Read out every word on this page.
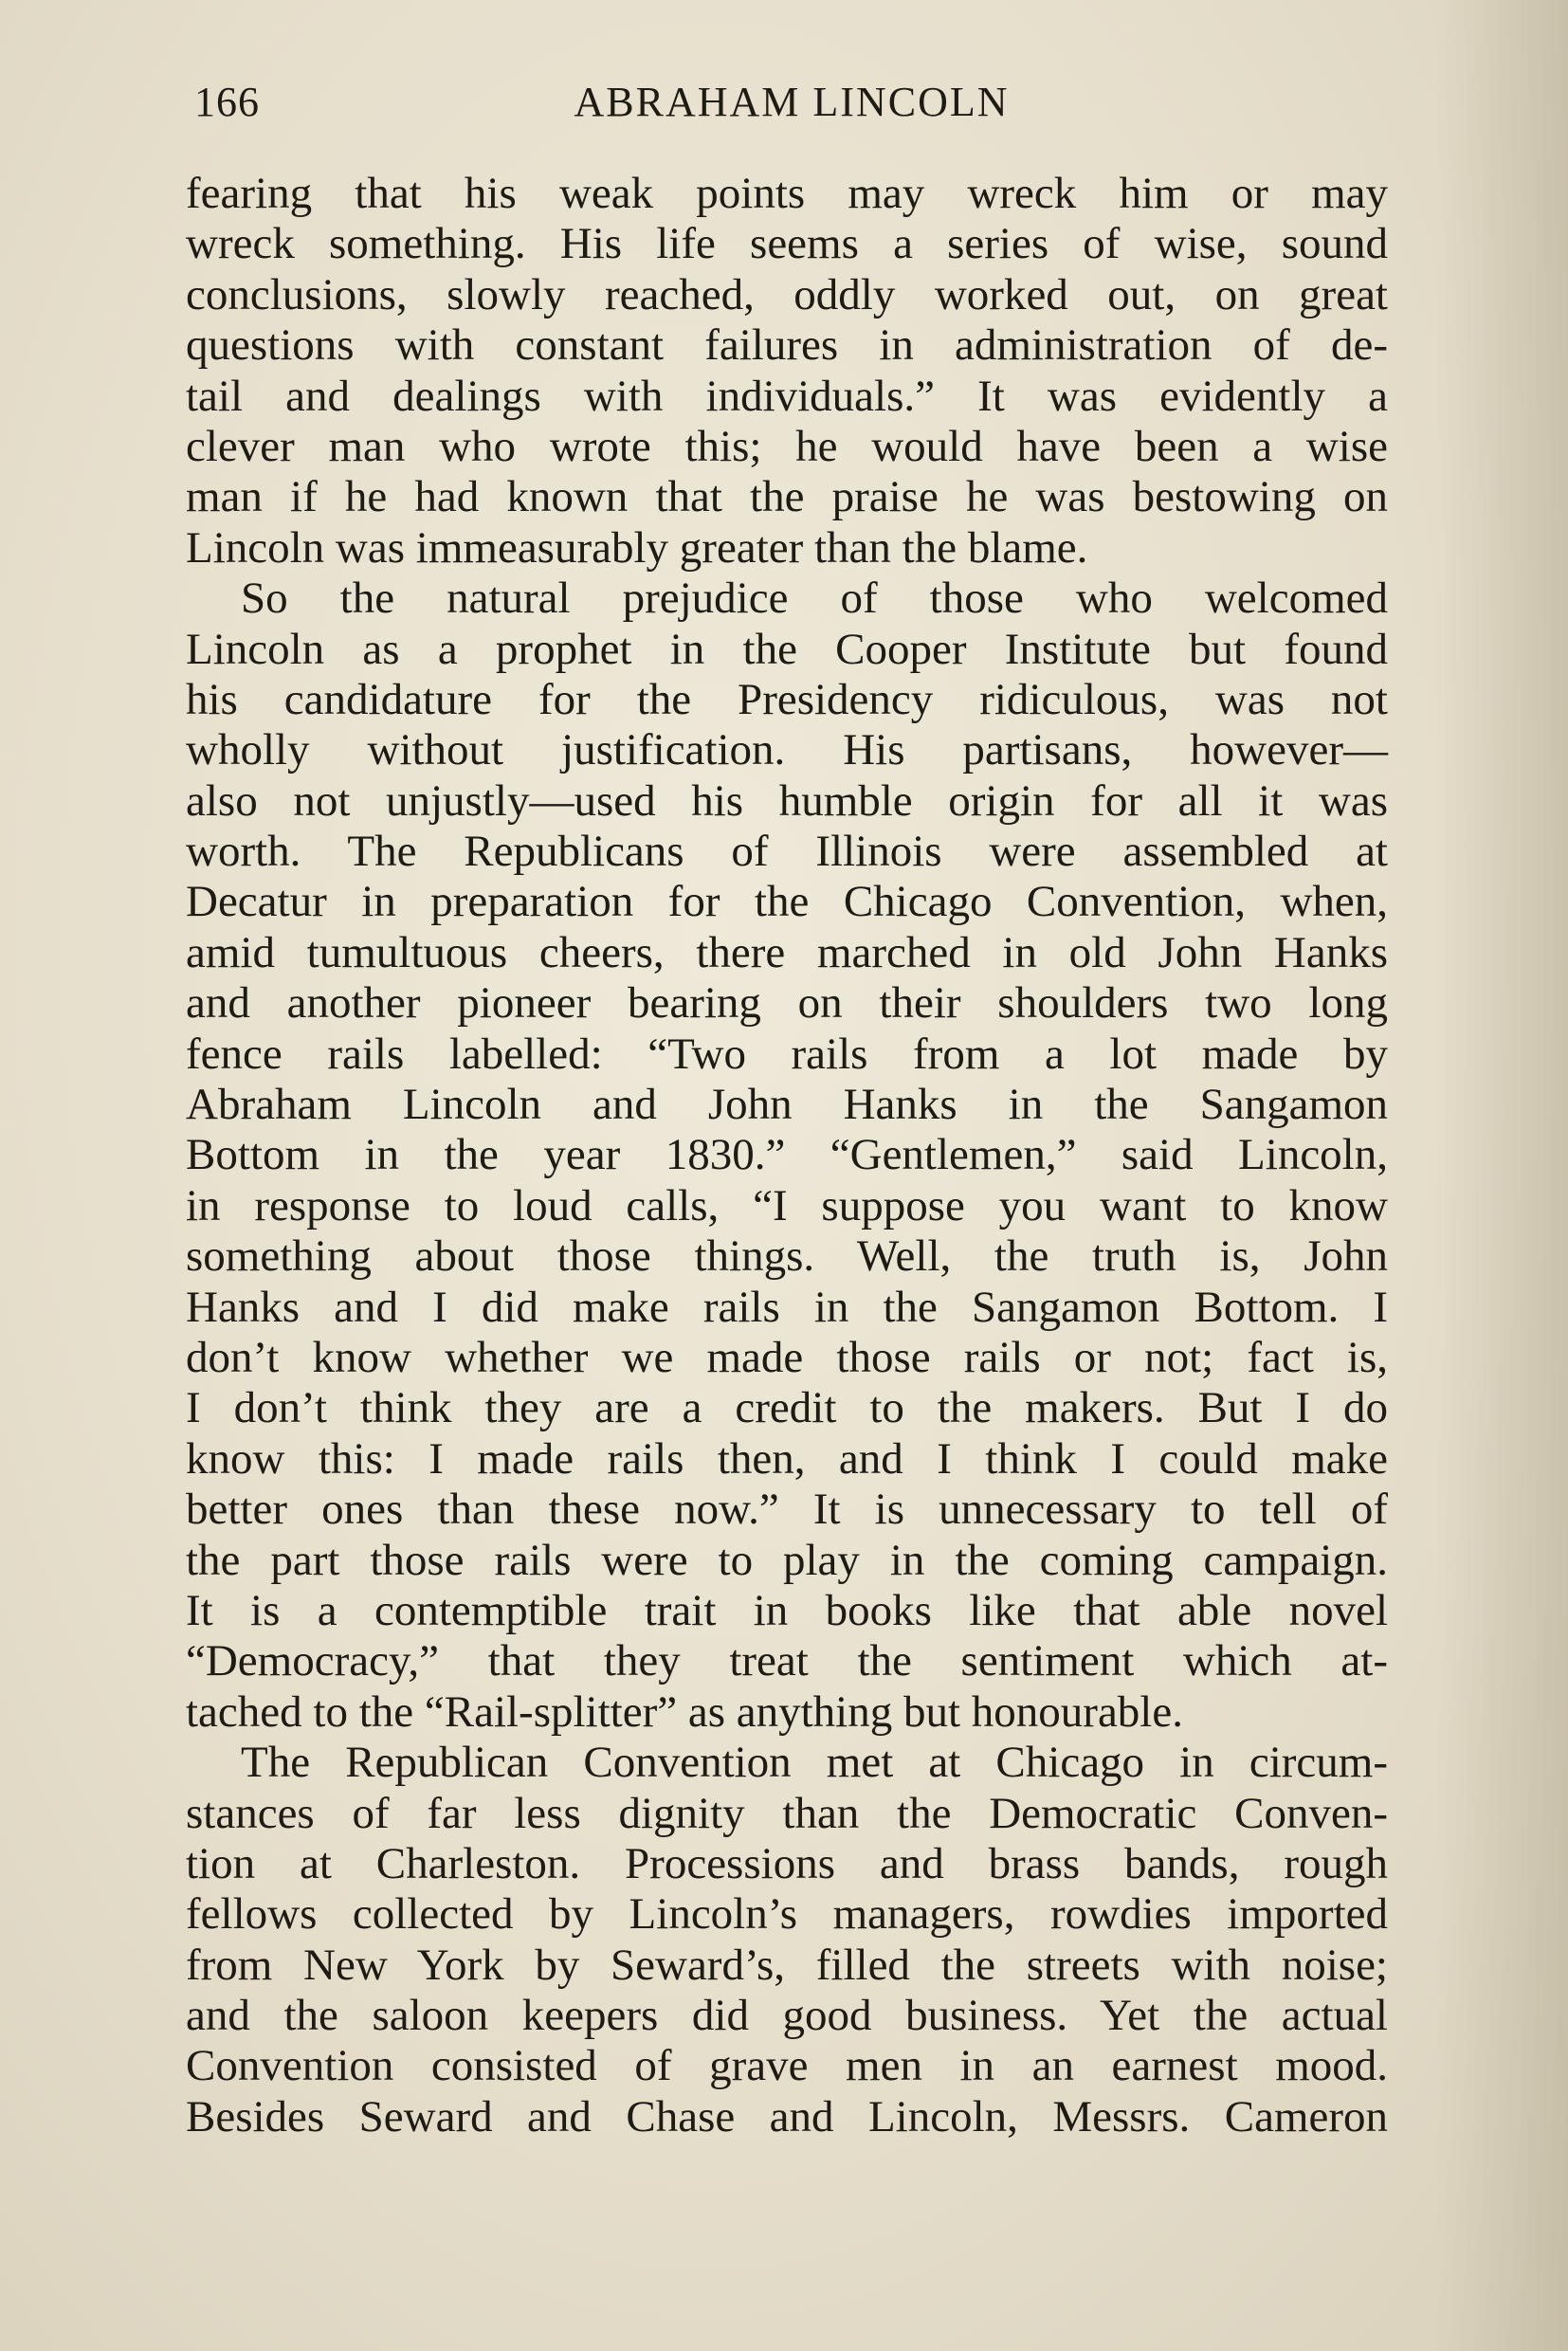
166	ABRAHAM LINCOLN
fearing that his weak points may wreck him or may
wreck something. His life seems a series of wise, sound
conclusions, slowly reached, oddly worked out, on great
questions with constant failures in administration of de-
tail and dealings with individuals.” It was evidently a
clever man who wrote this; he would have been a wise
man if he had known that the praise he was bestowing on
Lincoln was immeasurably greater than the blame.
So the natural prejudice of those who welcomed
Lincoln as a prophet in the Cooper Institute but found
his candidature for the Presidency ridiculous, was not
wholly without justification. His partisans, however—
also not unjustly—used his humble origin for all it was
worth. The Republicans of Illinois were assembled at
Decatur in preparation for the Chicago Convention, when,
amid tumultuous cheers, there marched in old John Hanks
and another pioneer bearing on their shoulders two long
fence rails labelled: “Two rails from a lot made by
Abraham Lincoln and John Hanks in the Sangamon
Bottom in the year 1830.” “Gentlemen,” said Lincoln,
in response to loud calls, “I suppose you want to know
something about those things. Well, the truth is, John
Hanks and I did make rails in the Sangamon Bottom. I
don’t know whether we made those rails or not; fact is,
I don’t think they are a credit to the makers. But I do
know this: I made rails then, and I think I could make
better ones than these now.” It is unnecessary to tell of
the part those rails were to play in the coming campaign.
It is a contemptible trait in books like that able novel
“Democracy,” that they treat the sentiment which at-
tached to the “Rail-splitter” as anything but honourable.
The Republican Convention met at Chicago in circum-
stances of far less dignity than the Democratic Conven-
tion at Charleston. Processions and brass bands, rough
fellows collected by Lincoln’s managers, rowdies imported
from New York by Seward’s, filled the streets with noise;
and the saloon keepers did good business. Yet the actual
Convention consisted of grave men in an earnest mood.
Besides Seward and Chase and Lincoln, Messrs. Cameron
